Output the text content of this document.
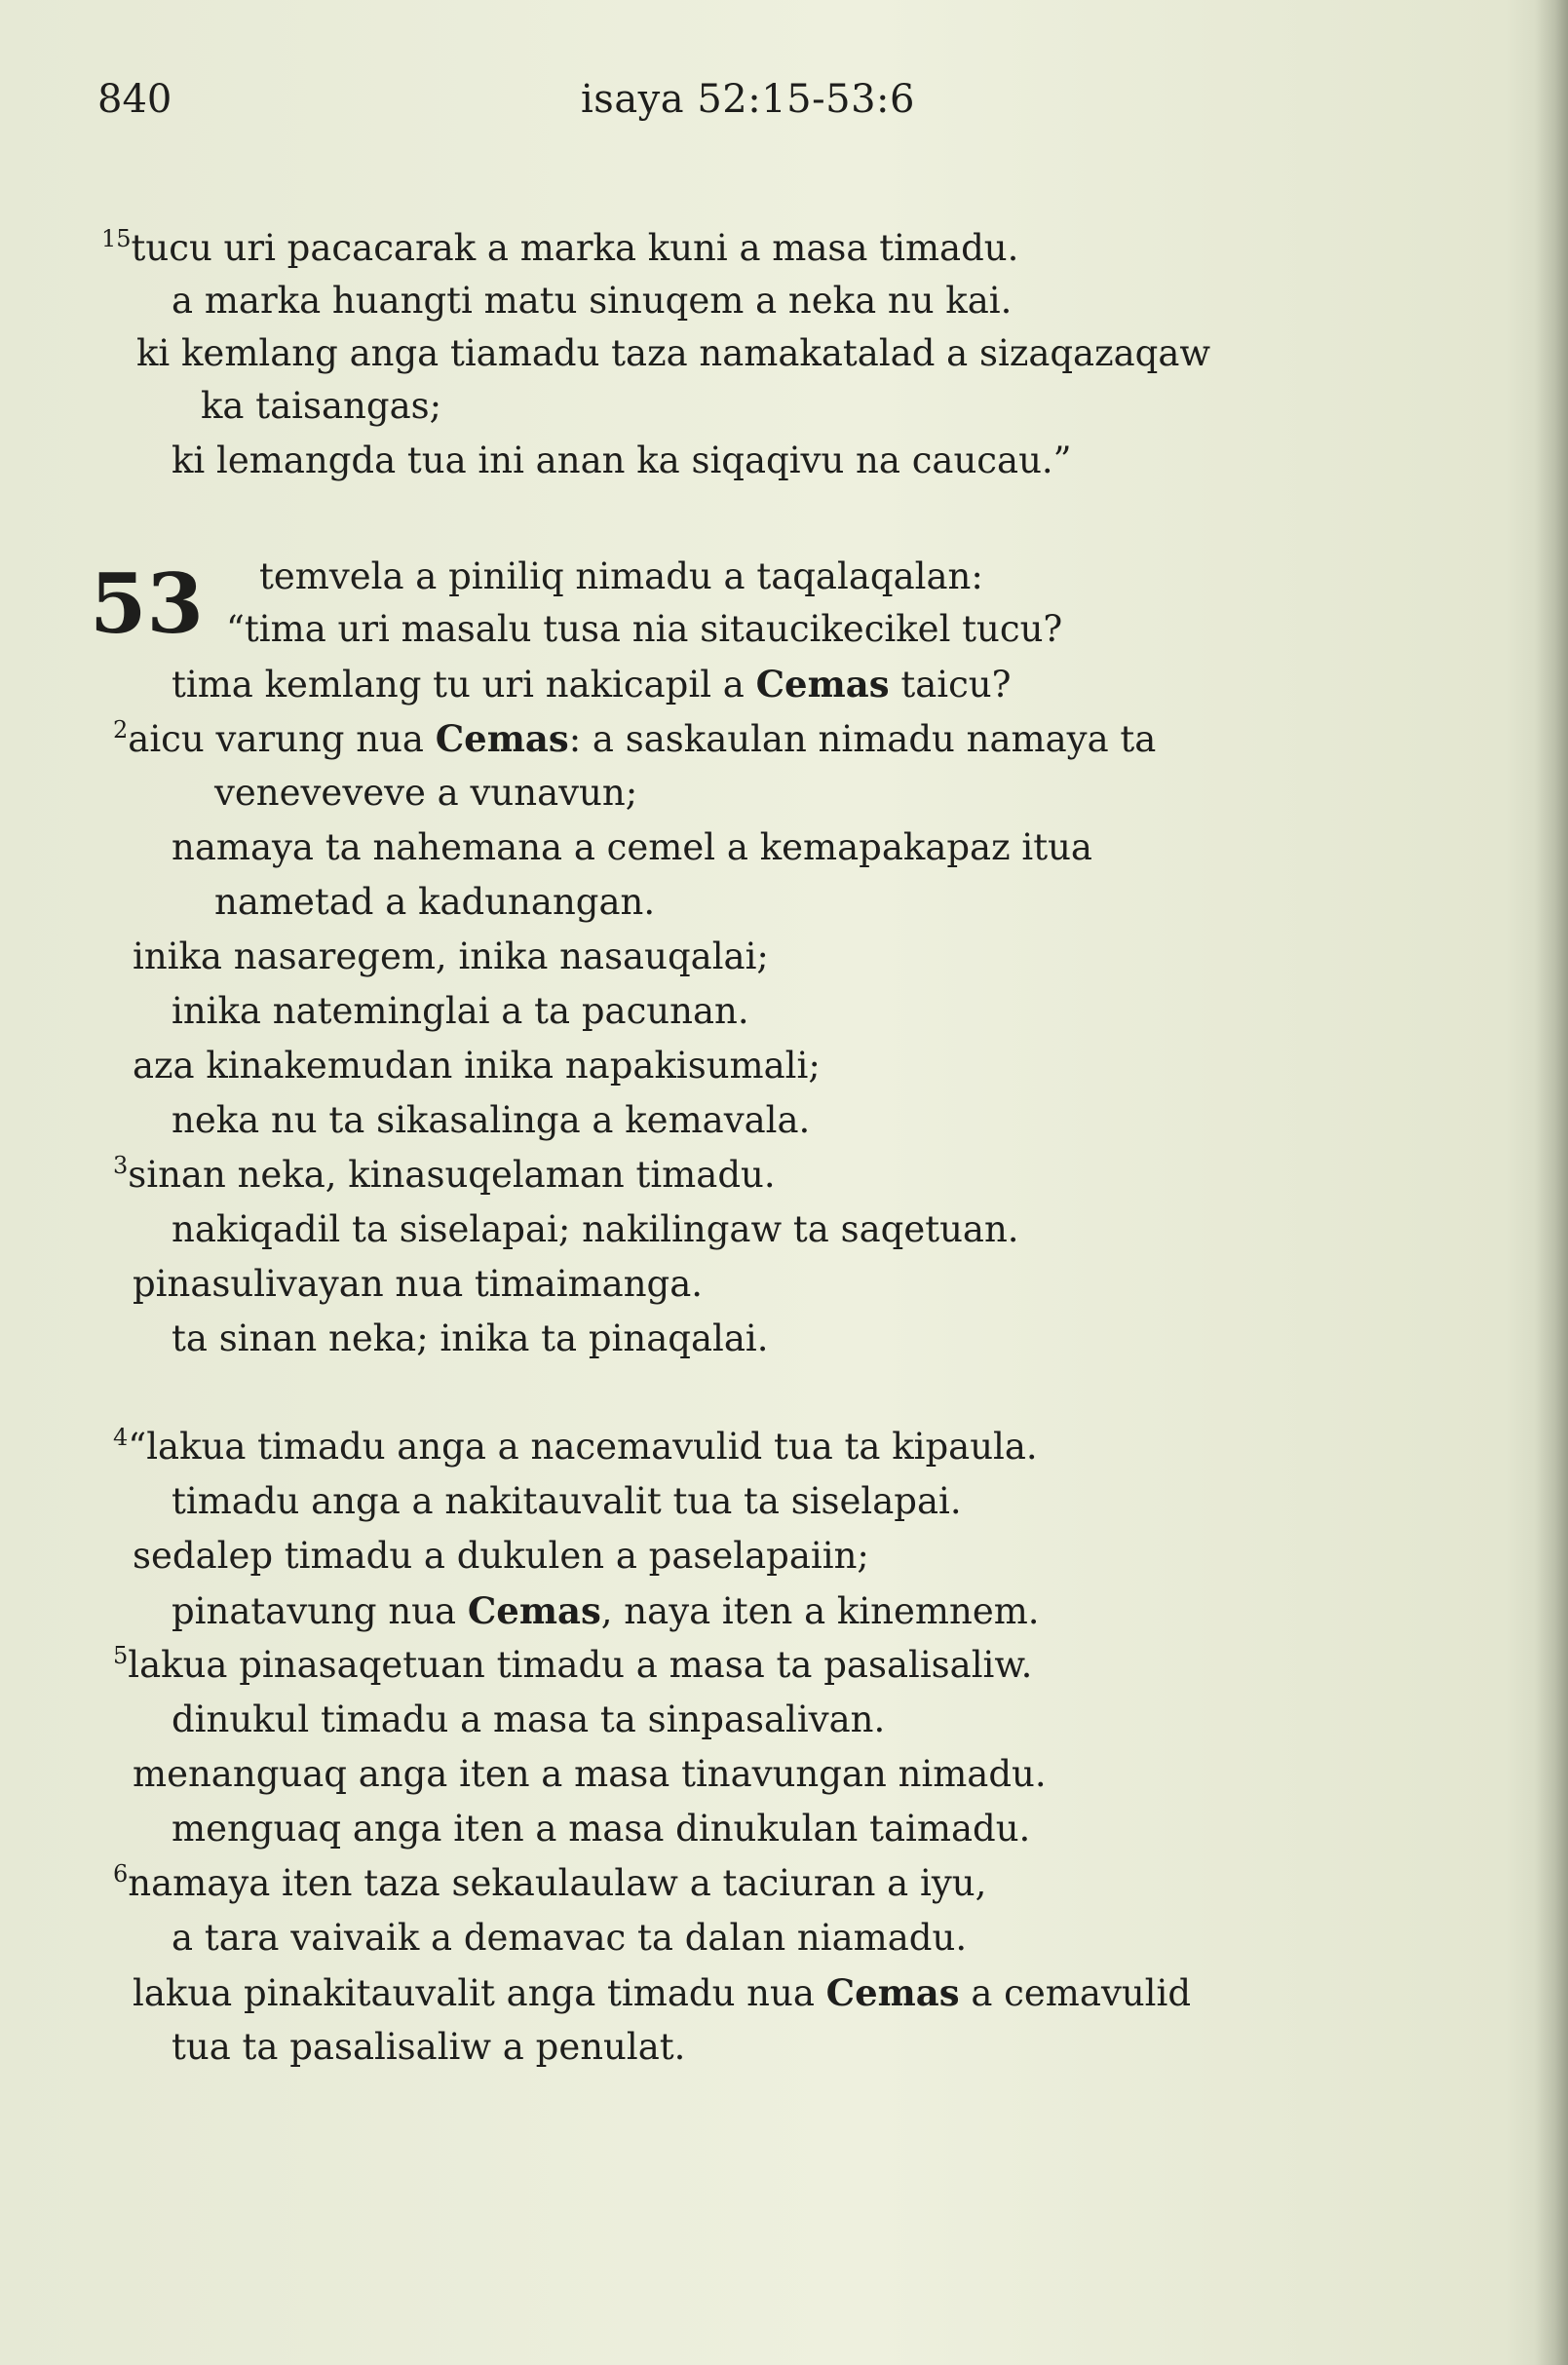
840	isaya 52:15-53:6
53
$^{15}$tucu uri pacacarak a marka kuni a masa timadu.
a marka huangti matu sinuqem a neka nu kai.
ki kemlang anga tiamadu taza namakatalad a sizaqazaqaw
ka taisangas;
ki lemangda tua ini anan ka siqaqivu na caucau.”
temvela a piniliq nimadu a taqalaqalan:
“tima uri masalu tusa nia sitaucikecikel tucu?
tima kemlang tu uri nakicapil a Cemas taicu?
$^2$aicu varung nua Cemas: a saskaulan nimadu namaya ta
veneveveve a vunavun;
namaya ta nahemana a cemel a kemapakapaz itua
nametad a kadunangan.
inika nasaregem, inika nasauqalai;
inika nateminglai a ta pacunan.
aza kinakemudan inika napakisumali;
neka nu ta sikasalinga a kemavala.
$^3$sinan neka, kinasuqelaman timadu.
nakiqadil ta siselapai; nakilingaw ta saqetuan.
pinasulivayan nua timaimanga.
ta sinan neka; inika ta pinaqalai.
$^4$“lakua timadu anga a nacemavulid tua ta kipaula.
timadu anga a nakitauvalit tua ta siselapai.
sedalep timadu a dukulen a paselapaiin;
pinatavung nua Cemas, naya iten a kinemnem.
$^5$lakua pinasaqetuan timadu a masa ta pasalisaliw.
dinukul timadu a masa ta sinpasalivan.
menanguaq anga iten a masa tinavungan nimadu.
menguaq anga iten a masa dinukulan taimadu.
$^6$namaya iten taza sekaulaulaw a taciuran a iyu,
a tara vaivaik a demavac ta dalan niamadu.
lakua pinakitauvalit anga timadu nua Cemas a cemavulid
tua ta pasalisaliw a penulat.
